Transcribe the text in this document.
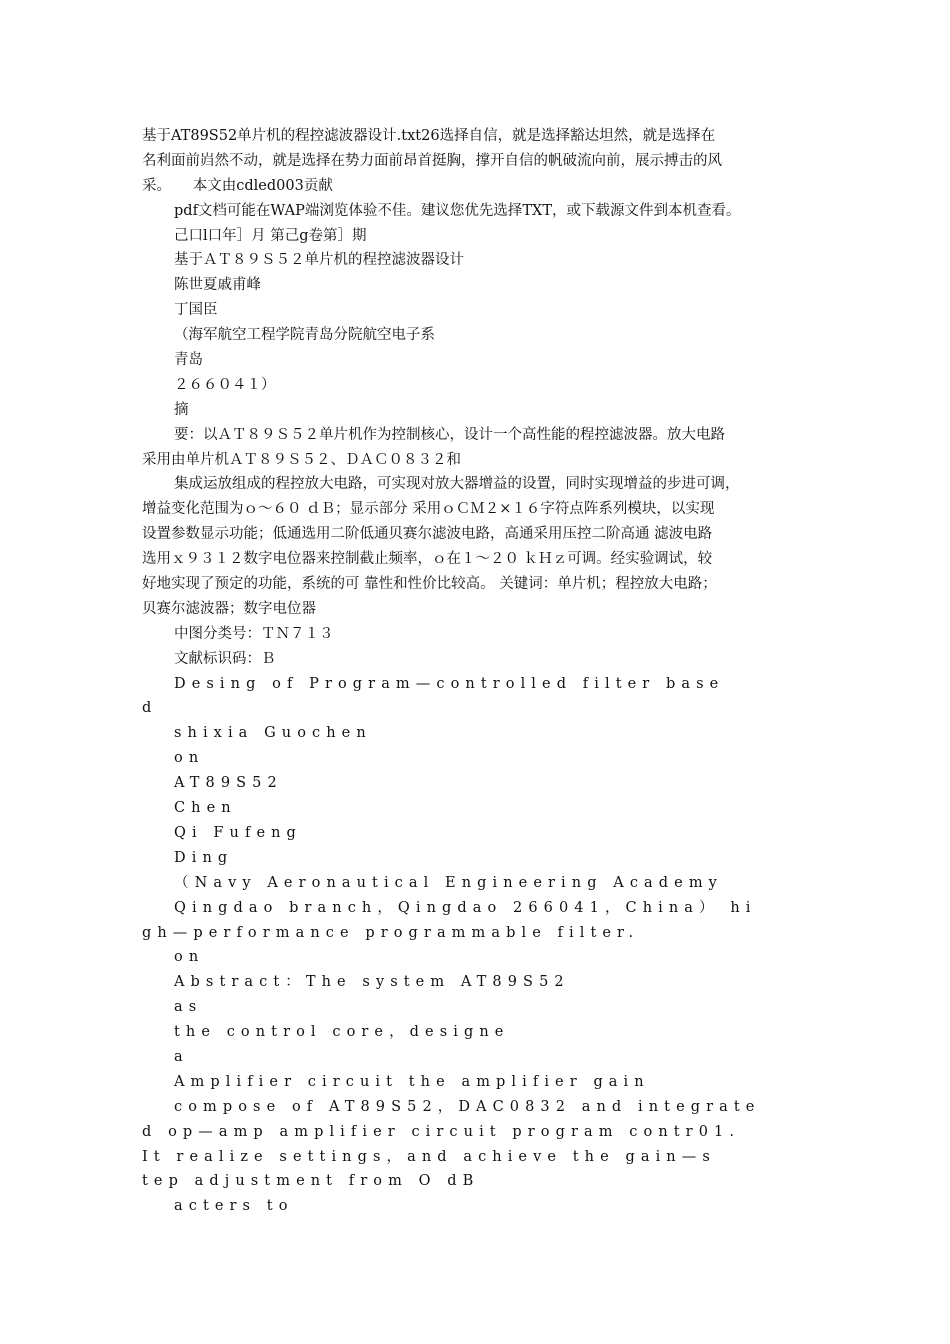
基于AT89S52单片机的程控滤波器设计.txt26选择自信，就是选择豁达坦然，就是选择在
名利面前岿然不动，就是选择在势力面前昂首挺胸，撑开自信的帆破流向前，展示搏击的风
采。　　本文由cdled003贡献
pdf文档可能在WAP端浏览体验不佳。建议您优先选择TXT，或下载源文件到本机查看。
己口l口年］月 第己g卷第］期
基于ＡＴ８９Ｓ５２单片机的程控滤波器设计
陈世夏戚甫峰
丁国臣
（海军航空工程学院青岛分院航空电子系
青岛
２６６０４１）
摘
要：以ＡＴ８９Ｓ５２单片机作为控制核心，设计一个高性能的程控滤波器。放大电路
采用由单片机ＡＴ８９Ｓ５２、ＤＡＣ０８３２和
集成运放组成的程控放大电路，可实现对放大器增益的设置，同时实现增益的步进可调，
增益变化范围为ｏ～６０ ｄＢ；显示部分 采用ｏＣＭ２×１６字符点阵系列模块，以实现
设置参数显示功能；低通选用二阶低通贝赛尔滤波电路，高通采用压控二阶高通 滤波电路
选用ｘ９３１２数字电位器来控制截止频率，ｏ在１～２０ ｋＨｚ可调。经实验调试，较
好地实现了预定的功能，系统的可 靠性和性价比较高。 关键词：单片机；程控放大电路；
贝赛尔滤波器；数字电位器
中图分类号：ＴＮ７１３
文献标识码：Ｂ
Desing of Program—controlled filter base
d
shixia Guochen
on
AT89S52
Chen
Qi Fufeng
Ding
（Navy Aeronautical Engineering Academy
Qingdao branch，Qingdao 266041，China） hi
gh—performance programmable filter.
on
Abstract：The system AT89S52
as
the control core，designe
a
Amplifier circuit the amplifier gain
compose of AT89S52，DAC0832 and integrate
d op—amp amplifier circuit program contr01.
It realize settings，and achieve the gain—s
tep adjustment from O dB
acters to
